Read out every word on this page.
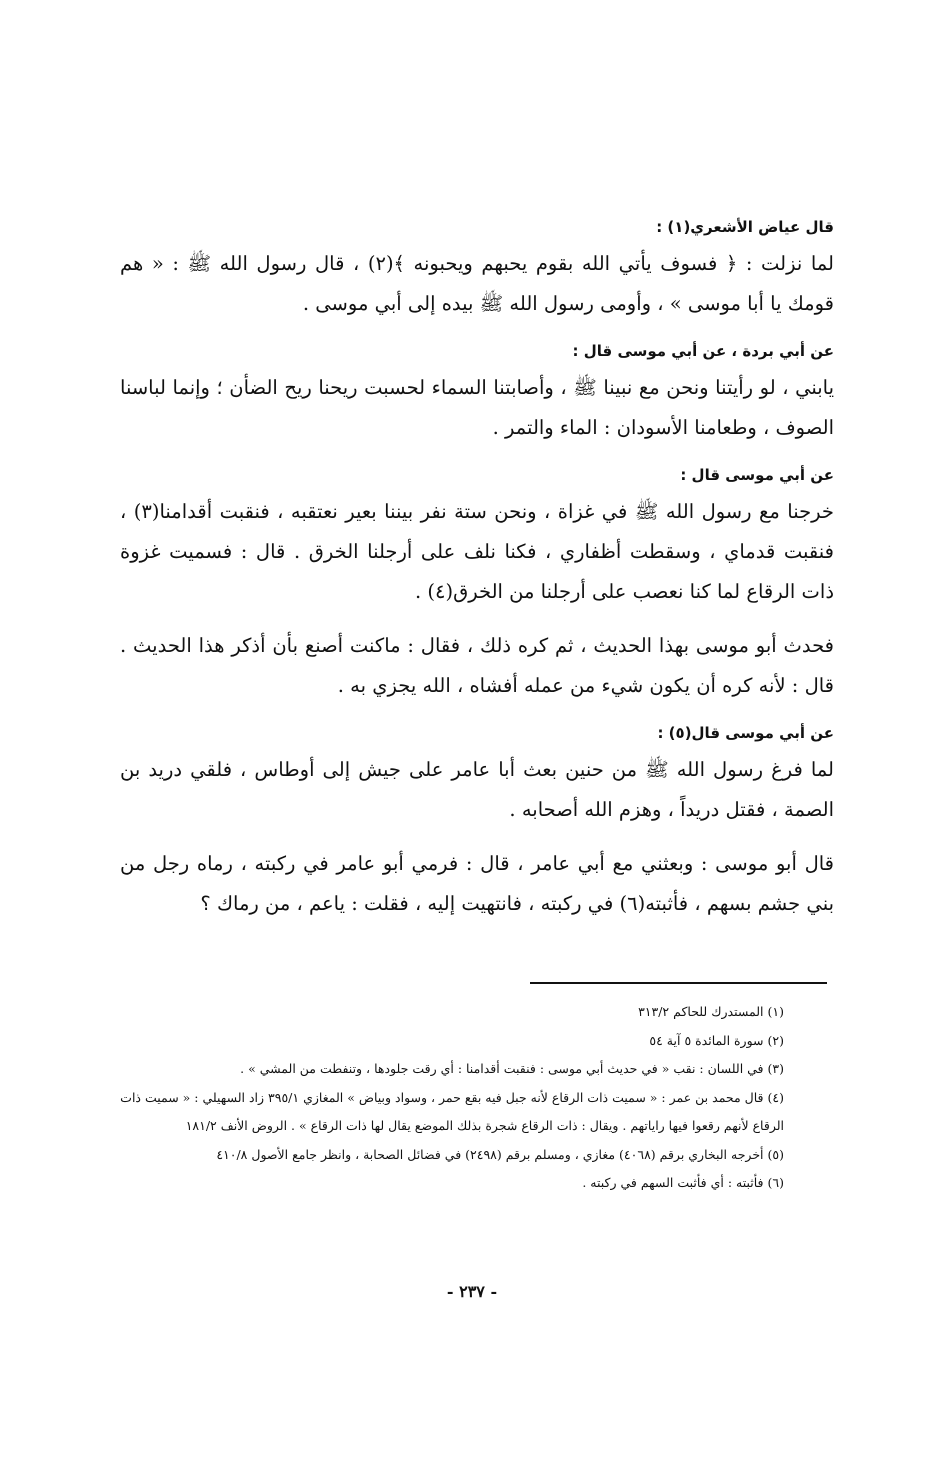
قال عياض الأشعري(١) :

لما نزلت : ﴿ فسوف يأتي الله بقوم يحبهم ويحبونه ﴾(٢) ، قال رسول الله ﷺ : « هم قومك يا أبا موسى » ، وأومى رسول الله ﷺ بيده إلى أبي موسى .

عن أبي بردة ، عن أبي موسى قال :

يابني ، لو رأيتنا ونحن مع نبينا ﷺ ، وأصابتنا السماء لحسبت ريحنا ريح الضأن ؛ وإنما لباسنا الصوف ، وطعامنا الأسودان : الماء والتمر .

عن أبي موسى قال :

خرجنا مع رسول الله ﷺ في غزاة ، ونحن ستة نفر بيننا بعير نعتقبه ، فنقبت أقدامنا(٣) ، فنقبت قدماي ، وسقطت أظفاري ، فكنا نلف على أرجلنا الخرق . قال : فسميت غزوة ذات الرقاع لما كنا نعصب على أرجلنا من الخرق(٤) .

فحدث أبو موسى بهذا الحديث ، ثم كره ذلك ، فقال : ماكنت أصنع بأن أذكر هذا الحديث . قال : لأنه كره أن يكون شيء من عمله أفشاه ، الله يجزي به .

عن أبي موسى قال(٥) :

لما فرغ رسول الله ﷺ من حنين بعث أبا عامر على جيش إلى أوطاس ، فلقي دريد بن الصمة ، فقتل دريداً ، وهزم الله أصحابه .

قال أبو موسى : وبعثني مع أبي عامر ، قال : فرمي أبو عامر في ركبته ، رماه رجل من بني جشم بسهم ، فأثبته(٦) في ركبته ، فانتهيت إليه ، فقلت : ياعم ، من رماك ؟

(١) المستدرك للحاكم ٣١٣/٢

(٢) سورة المائدة ٥ آية ٥٤

(٣) في اللسان : نقب « في حديث أبي موسى : فنقبت أقدامنا : أي رقت جلودها ، وتنفطت من المشي » .

(٤) قال محمد بن عمر : « سميت ذات الرقاع لأنه جبل فيه بقع حمر ، وسواد وبياض » المغازي ٣٩٥/١ زاد السهيلي : « سميت ذات الرقاع لأنهم رقعوا فيها راياتهم . ويقال : ذات الرقاع شجرة بذلك الموضع يقال لها ذات الرقاع » . الروض الأنف ١٨١/٢

(٥) أخرجه البخاري برقم (٤٠٦٨) مغازي ، ومسلم برقم (٢٤٩٨) في فضائل الصحابة ، وانظر جامع الأصول ٤١٠/٨

(٦) فأثبته : أي فأثبت السهم في ركبته .

- ٢٣٧ -
